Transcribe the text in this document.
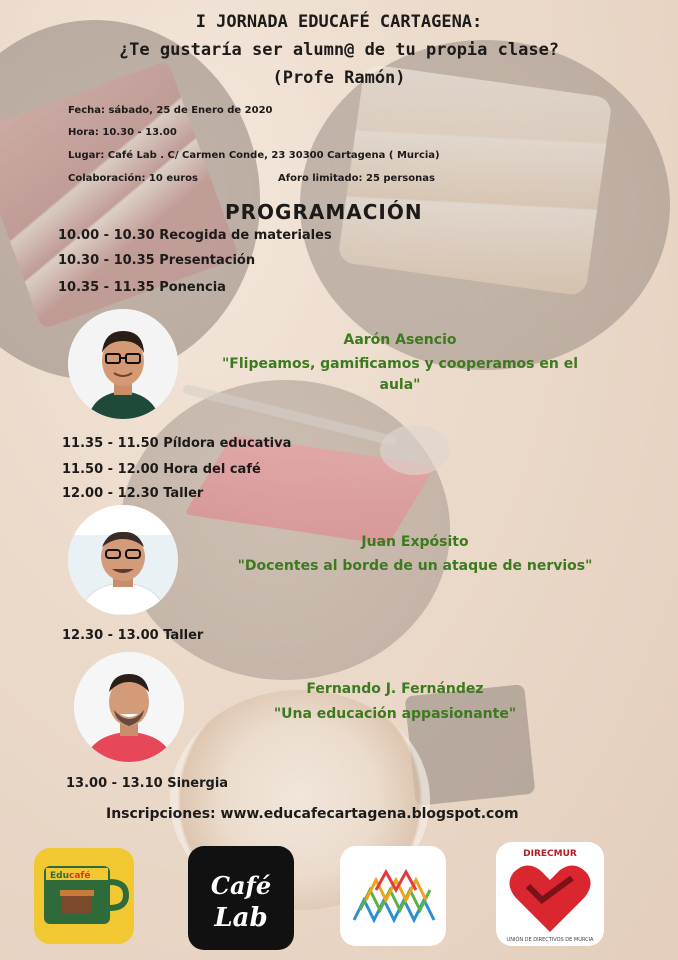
I JORNADA EDUCAFÉ CARTAGENA:
¿Te gustaría ser alumn@ de tu propia clase?
(Profe Ramón)
Fecha: sábado, 25 de Enero de 2020
Hora: 10.30 - 13.00
Lugar: Café Lab . C/ Carmen Conde, 23 30300 Cartagena ( Murcia)
Colaboración: 10 euros	Aforo limitado: 25 personas
PROGRAMACIÓN
10.00 - 10.30 Recogida de materiales
10.30 - 10.35 Presentación
10.35 - 11.35 Ponencia
Aarón Asencio
"Flipeamos, gamificamos y cooperamos en el
aula"
11.35 - 11.50 Píldora educativa
11.50 - 12.00 Hora del café
12.00 - 12.30 Taller
Juan Expósito
"Docentes al borde de un ataque de nervios"
12.30 - 13.00 Taller
Fernando J. Fernández
"Una educación appasionante"
13.00 - 13.10 Sinergia
Inscripciones: www.educafecartagena.blogspot.com
Educafé	Café
Lab
DIRECMUR
UNIÓN DE DIRECTIVOS DE MURCIA
